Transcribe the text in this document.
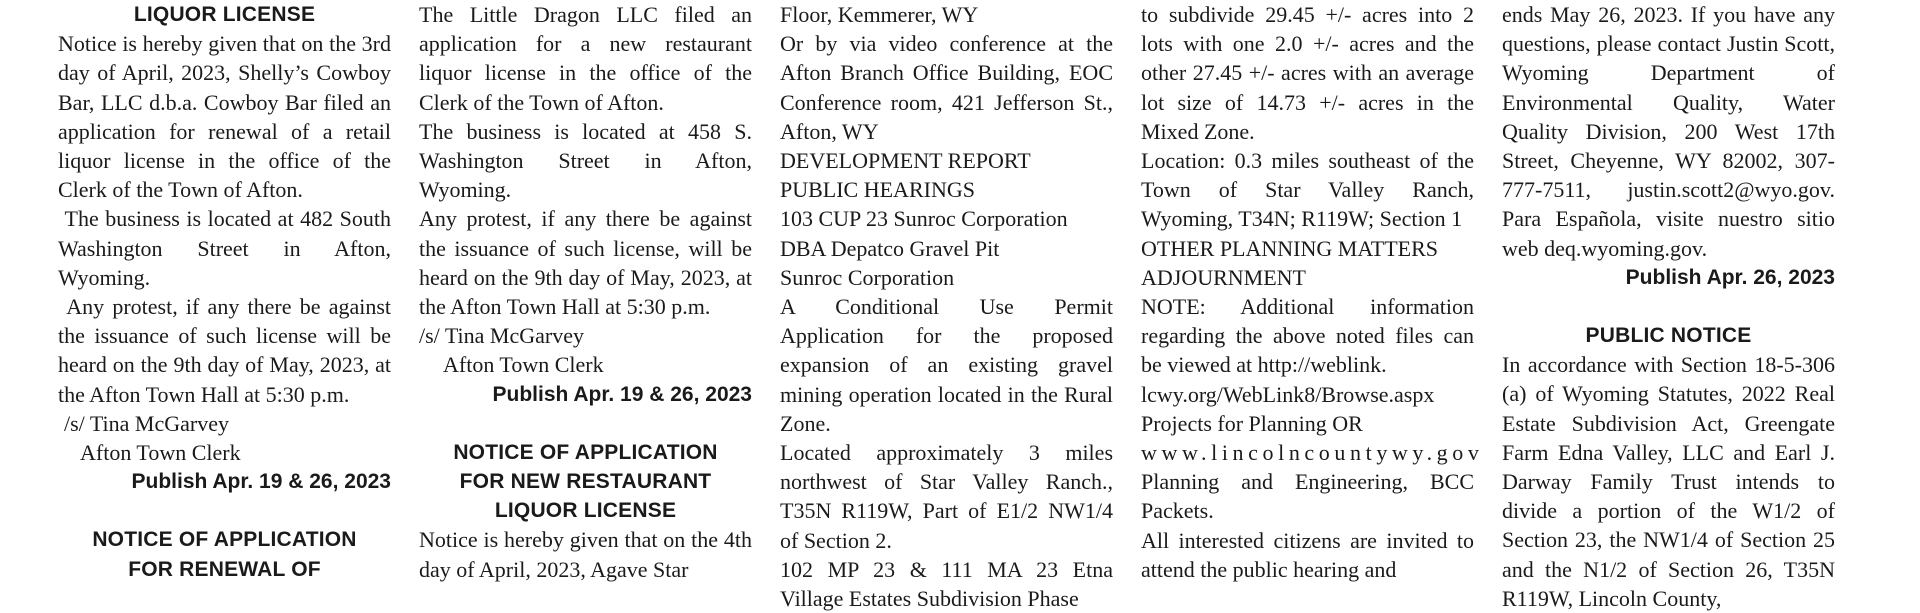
LIQUOR LICENSE

Notice is hereby given that on the 3rd day of April, 2023, Shelly’s Cowboy Bar, LLC d.b.a. Cowboy Bar filed an application for renewal of a retail liquor license in the office of the Clerk of the Town of Afton.

The business is located at 482 South Washington Street in Afton, Wyoming.

Any protest, if any there be against the issuance of such license will be heard on the 9th day of May, 2023, at the Afton Town Hall at 5:30 p.m.

/s/ Tina McGarvey

Afton Town Clerk

Publish Apr. 19 & 26, 2023

NOTICE OF APPLICATION

FOR RENEWAL OF

The Little Dragon LLC filed an application for a new restaurant liquor license in the office of the Clerk of the Town of Afton.

The business is located at 458 S. Washington Street in Afton, Wyoming.

Any protest, if any there be against the issuance of such license, will be heard on the 9th day of May, 2023, at the Afton Town Hall at 5:30 p.m.

/s/ Tina McGarvey

Afton Town Clerk

Publish Apr. 19 & 26, 2023

NOTICE OF APPLICATION

FOR NEW RESTAURANT

LIQUOR LICENSE

Notice is hereby given that on the 4th day of April, 2023, Agave Star

Floor, Kemmerer, WY

Or by via video conference at the Afton Branch Office Building, EOC Conference room, 421 Jefferson St., Afton, WY

DEVELOPMENT REPORT

PUBLIC HEARINGS

103 CUP 23 Sunroc Corporation

DBA Depatco Gravel Pit

Sunroc Corporation

A Conditional Use Permit Application for the proposed expansion of an existing gravel mining operation located in the Rural Zone.

Located approximately 3 miles northwest of Star Valley Ranch., T35N R119W, Part of E1/2 NW1/4 of Section 2.

102 MP 23 & 111 MA 23 Etna Village Estates Subdivision Phase

to subdivide 29.45 +/- acres into 2 lots with one 2.0 +/- acres and the other 27.45 +/- acres with an average lot size of 14.73 +/- acres in the Mixed Zone.

Location: 0.3 miles southeast of the Town of Star Valley Ranch, Wyoming, T34N; R119W; Section 1

OTHER PLANNING MATTERS

ADJOURNMENT

NOTE: Additional information regarding the above noted files can be viewed at http://weblink.

lcwy.org/WebLink8/Browse.aspx

Projects for Planning OR

www.lincolncountywy.gov

Planning and Engineering, BCC Packets.

All interested citizens are invited to attend the public hearing and

ends May 26, 2023. If you have any questions, please contact Justin Scott, Wyoming Department of Environmental Quality, Water Quality Division, 200 West 17th Street, Cheyenne, WY 82002, 307-777-7511, justin.scott2@wyo.gov. Para Española, visite nuestro sitio web deq.wyoming.gov.

Publish Apr. 26, 2023

PUBLIC NOTICE

In accordance with Section 18-5-306 (a) of Wyoming Statutes, 2022 Real Estate Subdivision Act, Greengate Farm Edna Valley, LLC and Earl J. Darway Family Trust intends to divide a portion of the W1/2 of Section 23, the NW1/4 of Section 25 and the N1/2 of Section 26, T35N R119W, Lincoln County,
